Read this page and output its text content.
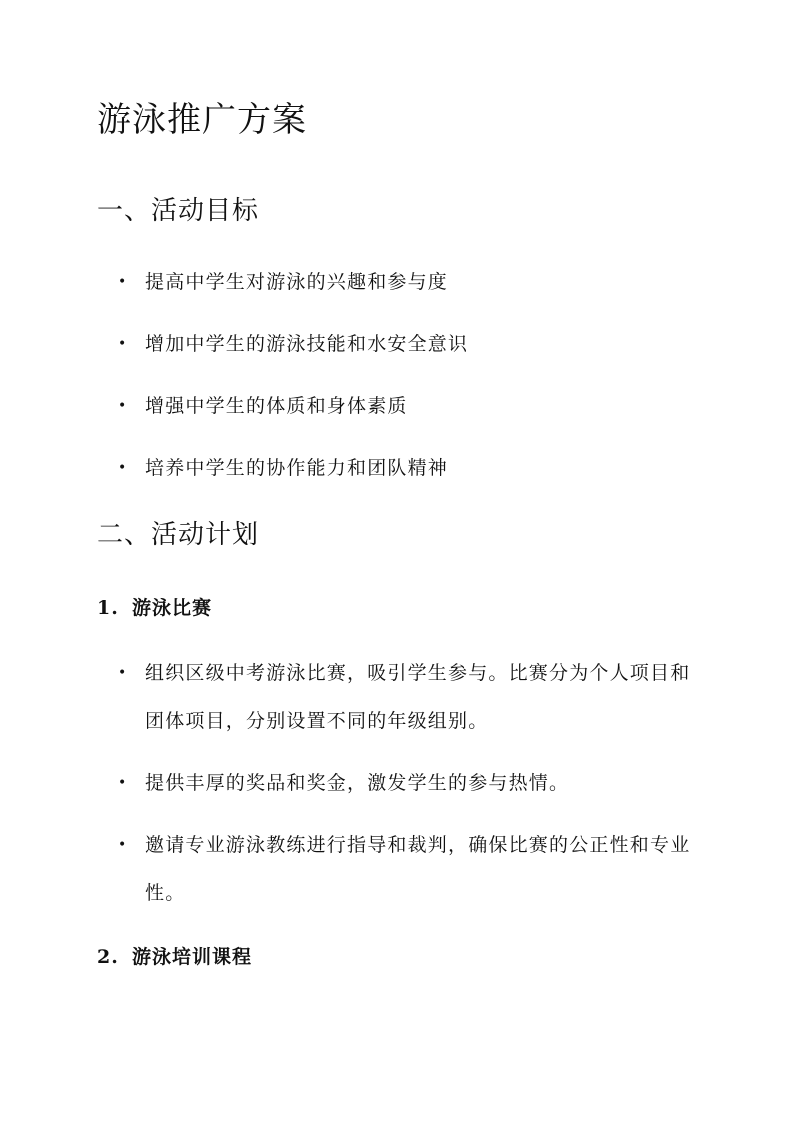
游泳推广方案
一、活动目标
• 提高中学生对游泳的兴趣和参与度
• 增加中学生的游泳技能和水安全意识
• 增强中学生的体质和身体素质
• 培养中学生的协作能力和团队精神
二、活动计划
1. 游泳比赛
• 组织区级中考游泳比赛，吸引学生参与。比赛分为个人项目和团体项目，分别设置不同的年级组别。
• 提供丰厚的奖品和奖金，激发学生的参与热情。
• 邀请专业游泳教练进行指导和裁判，确保比赛的公正性和专业性。
2. 游泳培训课程
